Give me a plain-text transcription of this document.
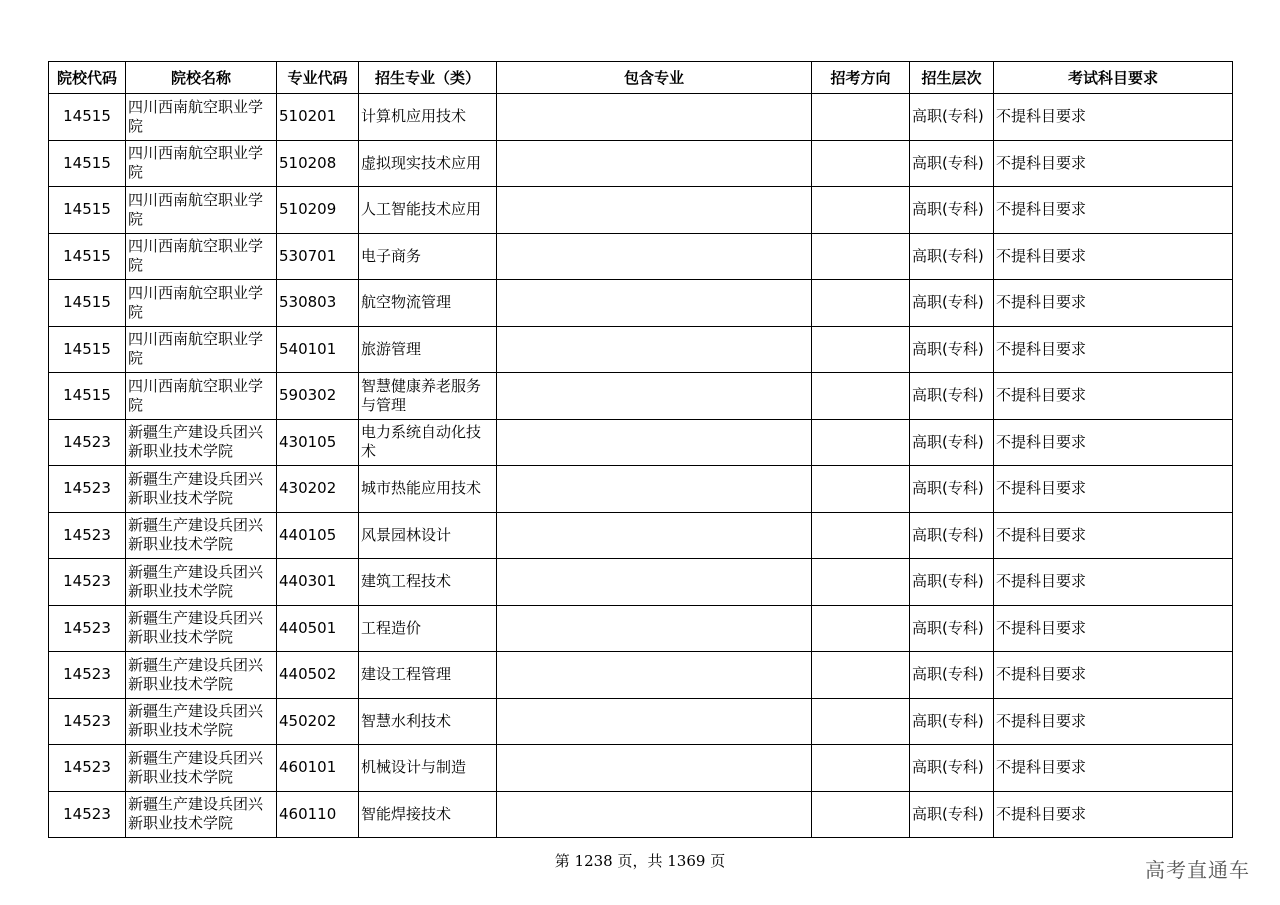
院校代码	院校名称	专业代码	招生专业（类）	包含专业	招考方向	招生层次	考试科目要求
14515	四川西南航空职业学院	510201	计算机应用技术			高职(专科)	不提科目要求
14515	四川西南航空职业学院	510208	虚拟现实技术应用			高职(专科)	不提科目要求
14515	四川西南航空职业学院	510209	人工智能技术应用			高职(专科)	不提科目要求
14515	四川西南航空职业学院	530701	电子商务			高职(专科)	不提科目要求
14515	四川西南航空职业学院	530803	航空物流管理			高职(专科)	不提科目要求
14515	四川西南航空职业学院	540101	旅游管理			高职(专科)	不提科目要求
14515	四川西南航空职业学院	590302	智慧健康养老服务与管理			高职(专科)	不提科目要求
14523	新疆生产建设兵团兴新职业技术学院	430105	电力系统自动化技术			高职(专科)	不提科目要求
14523	新疆生产建设兵团兴新职业技术学院	430202	城市热能应用技术			高职(专科)	不提科目要求
14523	新疆生产建设兵团兴新职业技术学院	440105	风景园林设计			高职(专科)	不提科目要求
14523	新疆生产建设兵团兴新职业技术学院	440301	建筑工程技术			高职(专科)	不提科目要求
14523	新疆生产建设兵团兴新职业技术学院	440501	工程造价			高职(专科)	不提科目要求
14523	新疆生产建设兵团兴新职业技术学院	440502	建设工程管理			高职(专科)	不提科目要求
14523	新疆生产建设兵团兴新职业技术学院	450202	智慧水利技术			高职(专科)	不提科目要求
14523	新疆生产建设兵团兴新职业技术学院	460101	机械设计与制造			高职(专科)	不提科目要求
14523	新疆生产建设兵团兴新职业技术学院	460110	智能焊接技术			高职(专科)	不提科目要求
第 1238 页，共 1369 页	高考直通车
